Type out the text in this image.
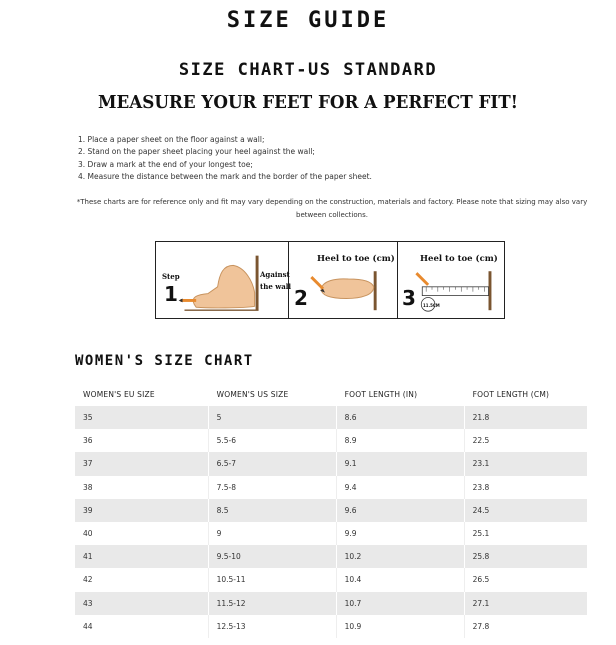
SIZE GUIDE
SIZE CHART-US STANDARD
MEASURE YOUR FEET FOR A PERFECT FIT!
1. Place a paper sheet on the floor against a wall;
2. Stand on the paper sheet placing your heel against the wall;
3. Draw a mark at the end of your longest toe;
4. Measure the distance between the mark and the border of the paper sheet.

*These charts are for reference only and fit may vary depending on the construction, materials and factory. Please note that sizing may also vary between collections.

Step
1
Against
the wall
Heel to toe (cm)
2
Heel to toe (cm)
3 11.5CM
WOMEN'S SIZE CHART
WOMEN'S EU SIZE	WOMEN'S US SIZE	FOOT LENGTH (IN)	FOOT LENGTH (CM)
35	5	8.6	21.8
36	5.5-6	8.9	22.5
37	6.5-7	9.1	23.1
38	7.5-8	9.4	23.8
39	8.5	9.6	24.5
40	9	9.9	25.1
41	9.5-10	10.2	25.8
42	10.5-11	10.4	26.5
43	11.5-12	10.7	27.1
44	12.5-13	10.9	27.8
